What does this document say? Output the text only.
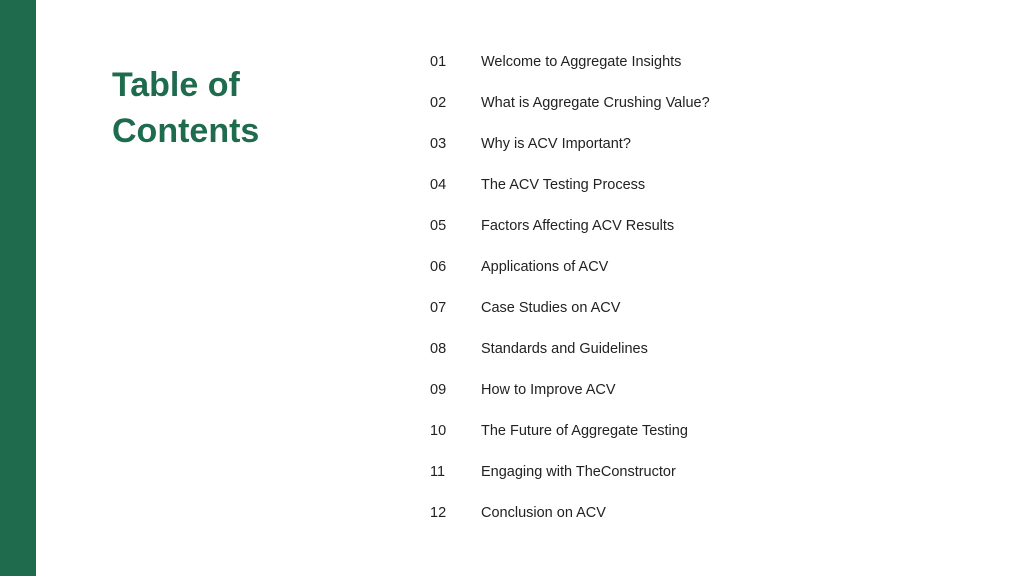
Table of Contents
01	Welcome to Aggregate Insights
02	What is Aggregate Crushing Value?
03	Why is ACV Important?
04	The ACV Testing Process
05	Factors Affecting ACV Results
06	Applications of ACV
07	Case Studies on ACV
08	Standards and Guidelines
09	How to Improve ACV
10	The Future of Aggregate Testing
11	Engaging with TheConstructor
12	Conclusion on ACV
